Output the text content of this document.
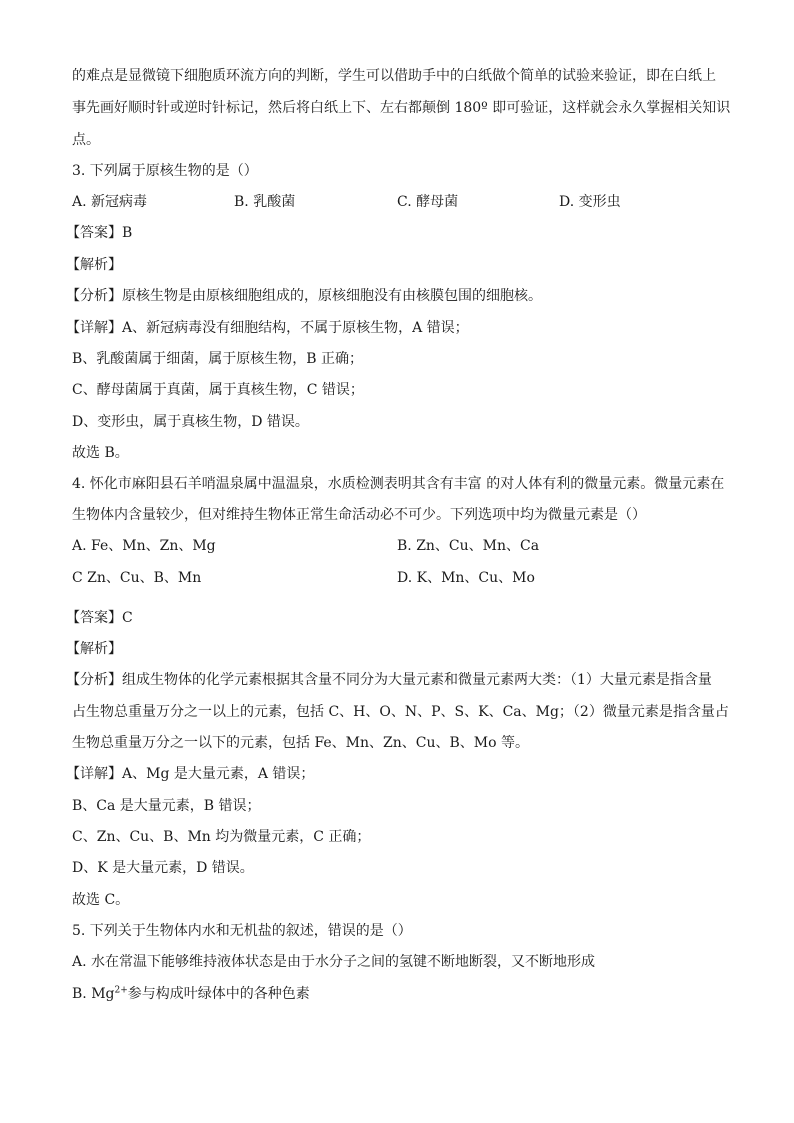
的难点是显微镜下细胞质环流方向的判断，学生可以借助手中的白纸做个简单的试验来验证，即在白纸上
事先画好顺时针或逆时针标记，然后将白纸上下、左右都颠倒 180º 即可验证，这样就会永久掌握相关知识
点。
3. 下列属于原核生物的是（）
A. 新冠病毒	B. 乳酸菌	C. 酵母菌	D. 变形虫
【答案】B
【解析】
【分析】原核生物是由原核细胞组成的，原核细胞没有由核膜包围的细胞核。
【详解】A、新冠病毒没有细胞结构，不属于原核生物，A 错误；
B、乳酸菌属于细菌，属于原核生物，B 正确；
C、酵母菌属于真菌，属于真核生物，C 错误；
D、变形虫，属于真核生物，D 错误。
故选 B。
4. 怀化市麻阳县石羊哨温泉属中温温泉，水质检测表明其含有丰富 的对人体有利的微量元素。微量元素在
生物体内含量较少，但对维持生物体正常生命活动必不可少。下列选项中均为微量元素是（）
A. Fe、Mn、Zn、Mg	B. Zn、Cu、Mn、Ca
C Zn、Cu、B、Mn	D. K、Mn、Cu、Mo
【答案】C
【解析】
【分析】组成生物体的化学元素根据其含量不同分为大量元素和微量元素两大类：（1）大量元素是指含量
占生物总重量万分之一以上的元素，包括 C、H、O、N、P、S、K、Ca、Mg；（2）微量元素是指含量占
生物总重量万分之一以下的元素，包括 Fe、Mn、Zn、Cu、B、Mo 等。
【详解】A、Mg 是大量元素，A 错误；
B、Ca 是大量元素，B 错误；
C、Zn、Cu、B、Mn 均为微量元素，C 正确；
D、K 是大量元素，D 错误。
故选 C。
5. 下列关于生物体内水和无机盐的叙述，错误的是（）
A. 水在常温下能够维持液体状态是由于水分子之间的氢键不断地断裂，又不断地形成
B. $Mg^{2+}$参与构成叶绿体中的各种色素
